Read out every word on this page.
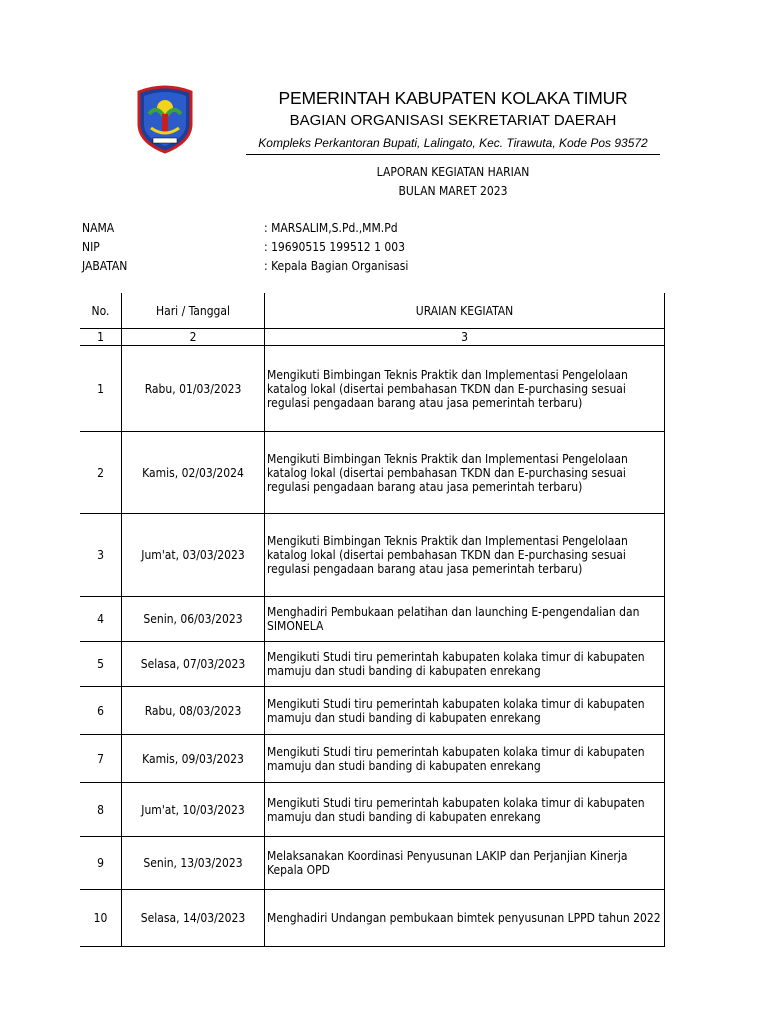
PEMERINTAH KABUPATEN KOLAKA TIMUR
BAGIAN ORGANISASI SEKRETARIAT DAERAH
Kompleks Perkantoran Bupati, Lalingato, Kec. Tirawuta, Kode Pos 93572
LAPORAN KEGIATAN HARIAN
BULAN MARET 2023
NAMA	: MARSALIM,S.Pd.,MM.Pd
NIP	: 19690515 199512 1 003
JABATAN	: Kepala Bagian Organisasi
No.	Hari / Tanggal	URAIAN KEGIATAN
1	2	3
1	Rabu, 01/03/2023	Mengikuti Bimbingan Teknis Praktik dan Implementasi Pengelolaan katalog lokal (disertai pembahasan TKDN dan E-purchasing sesuai regulasi pengadaan barang atau jasa pemerintah terbaru)
2	Kamis, 02/03/2024	Mengikuti Bimbingan Teknis Praktik dan Implementasi Pengelolaan katalog lokal (disertai pembahasan TKDN dan E-purchasing sesuai regulasi pengadaan barang atau jasa pemerintah terbaru)
3	Jum'at, 03/03/2023	Mengikuti Bimbingan Teknis Praktik dan Implementasi Pengelolaan katalog lokal (disertai pembahasan TKDN dan E-purchasing sesuai regulasi pengadaan barang atau jasa pemerintah terbaru)
4	Senin, 06/03/2023	Menghadiri Pembukaan pelatihan dan launching E-pengendalian dan SIMONELA
5	Selasa, 07/03/2023	Mengikuti Studi tiru pemerintah kabupaten kolaka timur di kabupaten mamuju dan studi banding di kabupaten enrekang
6	Rabu, 08/03/2023	Mengikuti Studi tiru pemerintah kabupaten kolaka timur di kabupaten mamuju dan studi banding di kabupaten enrekang
7	Kamis, 09/03/2023	Mengikuti Studi tiru pemerintah kabupaten kolaka timur di kabupaten mamuju dan studi banding di kabupaten enrekang
8	Jum'at, 10/03/2023	Mengikuti Studi tiru pemerintah kabupaten kolaka timur di kabupaten mamuju dan studi banding di kabupaten enrekang
9	Senin, 13/03/2023	Melaksanakan Koordinasi Penyusunan LAKIP dan Perjanjian Kinerja Kepala OPD
10	Selasa, 14/03/2023	Menghadiri Undangan pembukaan bimtek penyusunan LPPD tahun 2022
